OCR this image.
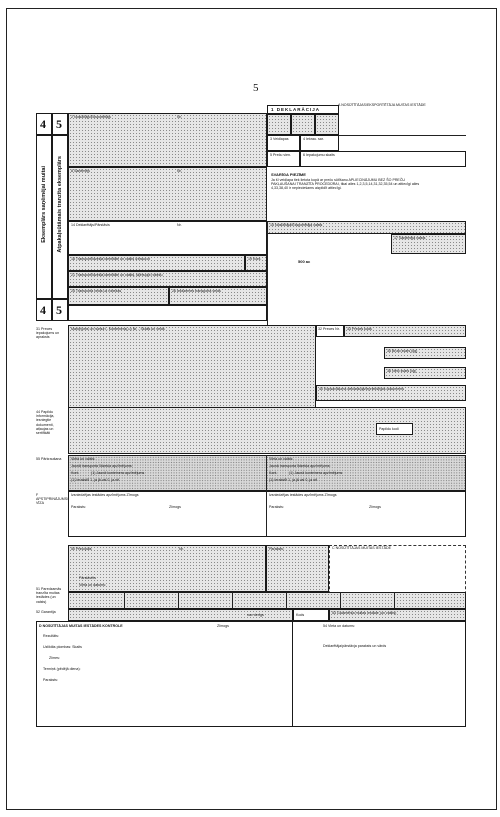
5
4 5
Eksemplārs saņēmējai muitai Atpakaļsūtāmais tranzīta eksemplārs
4 5
A NOSŪTĪTĀJAS/EKSPORTĒTĀJA MUITAS IESTĀDE
1 DEKLARĀCIJA
2 Nosūtītājs/Eksportētājs	Nr.
3 Veidlapas	4 Iekrau. sar.
5 Preču vien.	6 Iepakojumu skaits
8 Saņēmējs	Nr.
SVARĪGA PIEZĪME
Ja šī veidlapa tiek lietota kopā ar preču sūtīšanu APLIECINĀJUMU BEZ ŠO PREČU
PAKĻAUŠANAI TRANZĪTA PROCEDŪRAI, tikai ailes 1,2,3,5,14,31,32,35,54 un attiecīgi ailes
4,33,38,40 ir nepieciešams aizpildīt attiecīgi.
14 Deklarētājs/Pārstāvis	Nr.	15 Nosūtītāja/Eksportētāja valsts
17 Saņēmēja valsts
18 Transportlīdzekļa identitāte un valsts izbraucot	19 Kont.	500 ac
21 Transportlīdzekļa identitāte un valsts, šķērsojot robežu
25 Transporta veids uz robežas	26 Iekšzemes transporta veids
31 Preces iepakojums un apraksts
Marķējums un numuri - Konteinera(-u) Nr. - Skaits un veids	32 Preces Nr. 33 Preces kods
35 Bruto svars (kg)
38 Neto svars (kg)
40 Kopsavilkuma deklarācija/Iepriekšējais dokuments
44 Papildu informācija, iesniegtie dokumenti, atļaujas un sertifikāti
Papildu kodi
55 Pārkraušana	Vieta un valsts:	Vieta un valsts:
Jaunā transporta līdzekļa apzīmējums:	Jaunā transporta līdzekļa apzīmējums:
Kont.	(1) Jaunā konteinera apzīmējums	Kont.	(1) Jaunā konteinera apzīmējums
(1) Ierakstīt 1, ja jā vai 0, ja nē.	(1) Ierakstīt 1, ja jā vai 0, ja nē.
F APSTIPRINĀJUMS/ VĪZA
Izsniedzējas iestādes apzīmējums Zīmogs	Izsniedzējas iestādes apzīmējums Zīmogs
Paraksts:	Zīmogs	Paraksts:	Zīmogs
50 Principāls	Nr.
Pārstāvēts
Vieta un datums:
Paraksts:	C NOSŪTĪTĀJAS MUITAS IESTĀDE
51 Paredzamās tranzīta muitas iestādes (un valsts)
52 Garantija
nav derīgs	Kods	53 Galamērķa muitas iestāde (un valsts)
D NOSŪTĪTĀJAS MUITAS IESTĀDES KONTROLE	Zīmogs
Rezultāts:
Uzliktās plombas: Skaits
Zīmes:
Termiņš (pēdējā diena):
Paraksts:
54 Vieta un datums:
Deklarētāja/pārstāvja paraksts un vārds
